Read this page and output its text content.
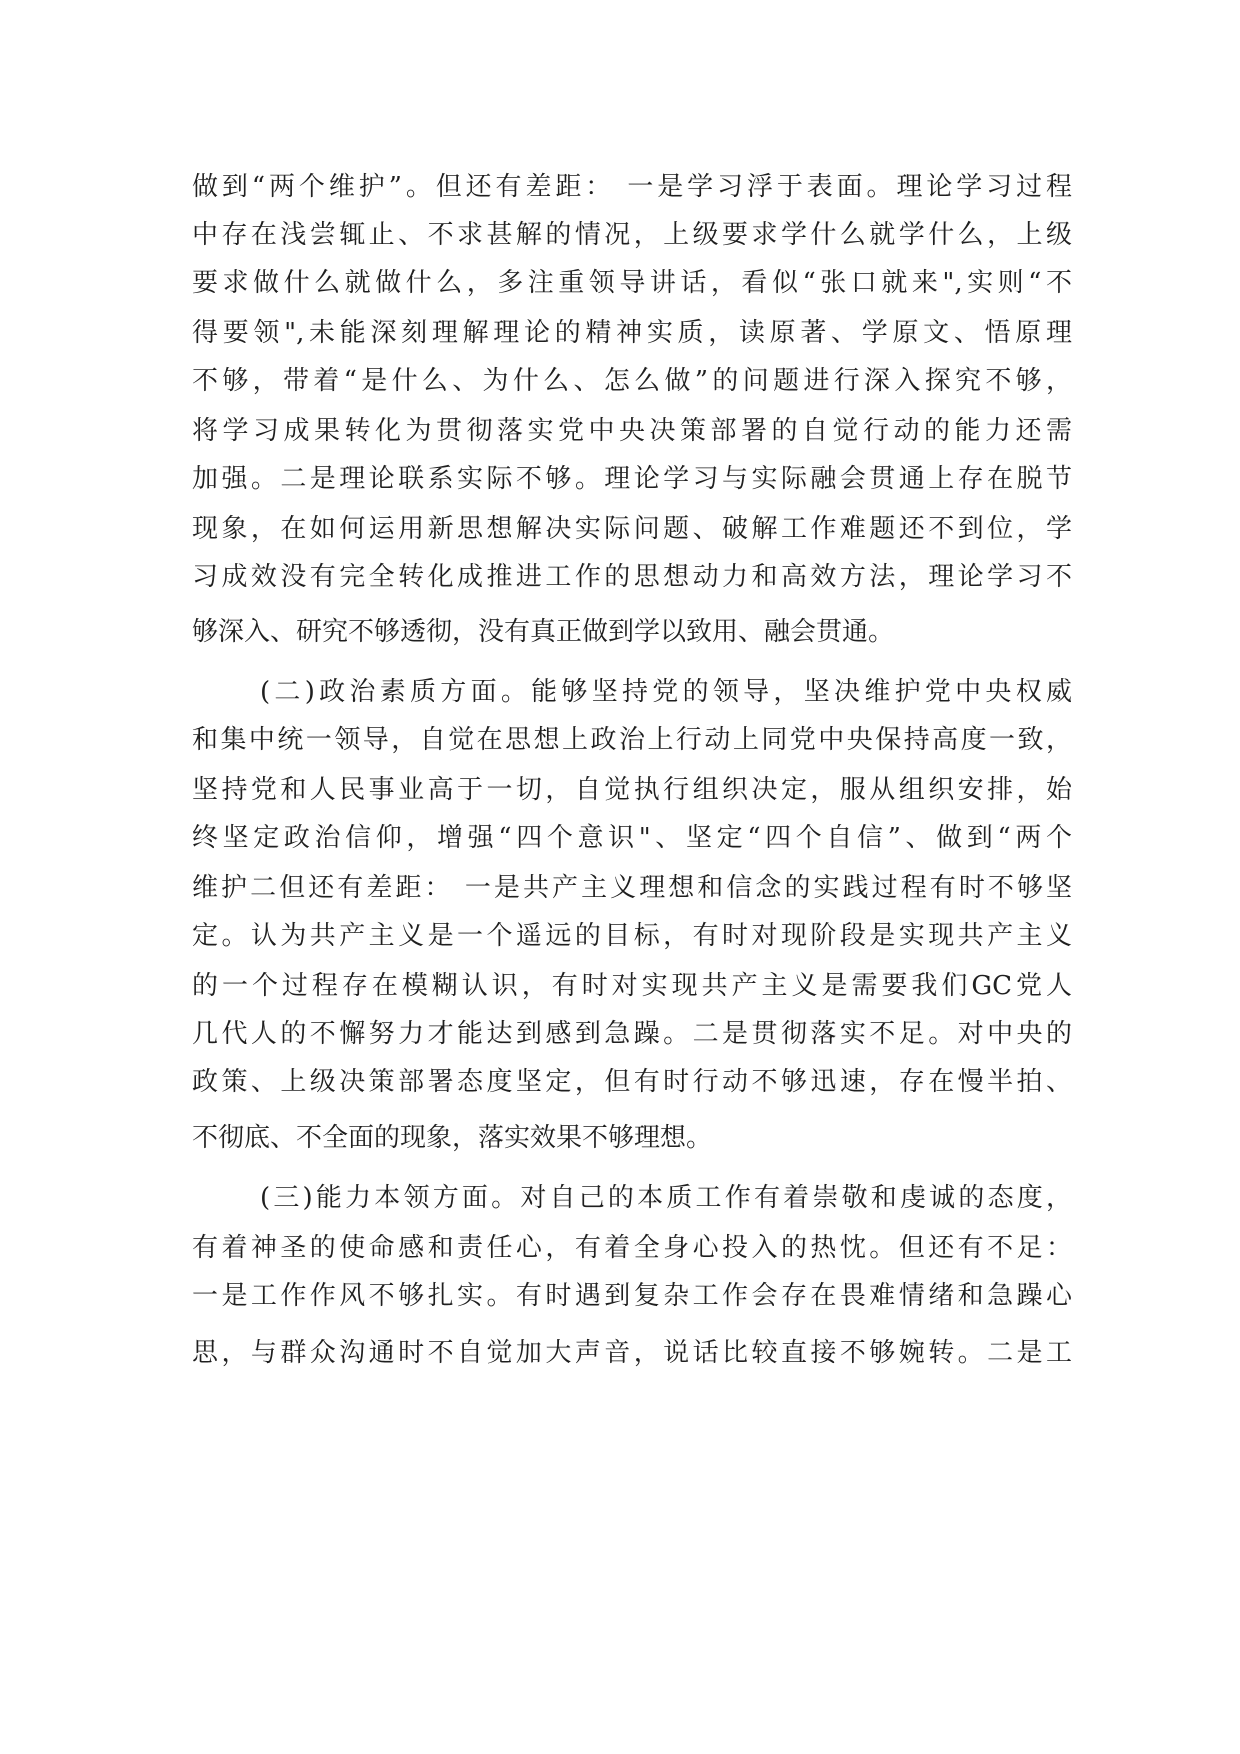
做到“两个维护”。但还有差距： 一是学习浮于表面。理论学习过程
中存在浅尝辄止、不求甚解的情况，上级要求学什么就学什么，上级
要求做什么就做什么，多注重领导讲话，看似“张口就来",实则“不
得要领",未能深刻理解理论的精神实质，读原著、学原文、悟原理
不够，带着“是什么、为什么、怎么做”的问题进行深入探究不够，
将学习成果转化为贯彻落实党中央决策部署的自觉行动的能力还需
加强。二是理论联系实际不够。理论学习与实际融会贯通上存在脱节
现象，在如何运用新思想解决实际问题、破解工作难题还不到位，学
习成效没有完全转化成推进工作的思想动力和高效方法，理论学习不
够深入、研究不够透彻，没有真正做到学以致用、融会贯通。
(二)政治素质方面。能够坚持党的领导，坚决维护党中央权威
和集中统一领导，自觉在思想上政治上行动上同党中央保持高度一致，
坚持党和人民事业高于一切，自觉执行组织决定，服从组织安排，始
终坚定政治信仰，增强“四个意识"、坚定“四个自信”、做到“两个
维护二但还有差距： 一是共产主义理想和信念的实践过程有时不够坚
定。认为共产主义是一个遥远的目标，有时对现阶段是实现共产主义
的一个过程存在模糊认识，有时对实现共产主义是需要我们GC党人
几代人的不懈努力才能达到感到急躁。二是贯彻落实不足。对中央的
政策、上级决策部署态度坚定，但有时行动不够迅速，存在慢半拍、
不彻底、不全面的现象，落实效果不够理想。
(三)能力本领方面。对自己的本质工作有着崇敬和虔诚的态度，
有着神圣的使命感和责任心，有着全身心投入的热忱。但还有不足：
一是工作作风不够扎实。有时遇到复杂工作会存在畏难情绪和急躁心
思，与群众沟通时不自觉加大声音，说话比较直接不够婉转。二是工
